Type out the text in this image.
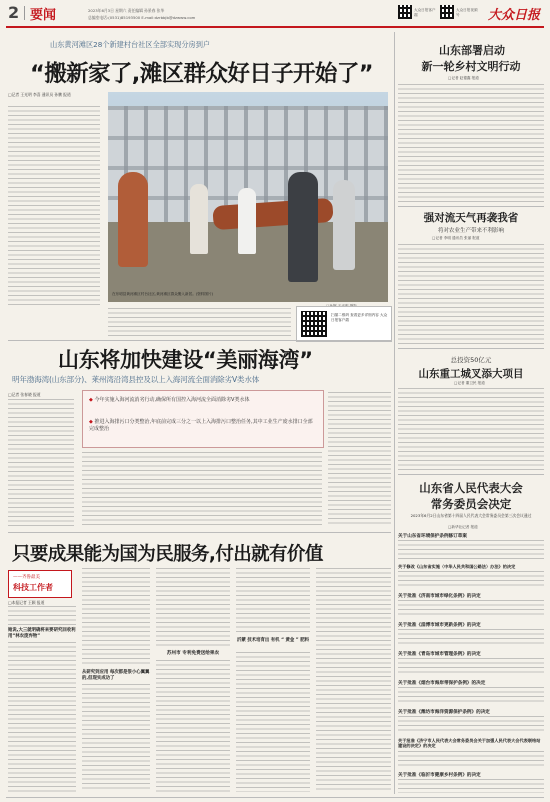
2 要闻	2023年6月3日 星期六 责任编辑 孙景春 张华
总编室电话:(0531)85193500 E-mail:dzrbbjb@dzwww.com
大众日报客户端
大众日报视频号	大众日报
山东黄河滩区28个新建村台社区全部实现分房到户
“搬新家了,滩区群众好日子开始了”
□记者 王光明 李喜 通讯员 孙鹏 报道
在东明县黄河滩区村台社区,黄河滩区群众搬入新居。(资料图片)
扫描二维码 查看更多详细内容 大众日报客户端
山东部署启动
新一轮乡村文明行动
□记者 赵德鑫 报道
强对流天气再袭我省
将对农业生产带来不利影响
□记者 李明 通讯员 张丽 报道
总投资50亿元
山东重工城叉添大项目
□记者 董卫民 报道
山东省人民代表大会
常务委员会决定
2023年6月2日山东省第十四届人民代表大会常务委员会第三次会议通过
□新华社记者 报道
关于山东省环境保护条例修订草案
关于修改《山东省实施〈中华人民共和国公路法〉办法》的决定
关于批准《济南市城市绿化条例》的决定
关于批准《淄博市城市更新条例》的决定
关于批准《青岛市城市管理条例》的决定
关于批准《烟台市海岸带保护条例》的决定
关于批准《潍坊市海洋资源保护条例》的决定
关于批准《济宁市人民代表大会常务委员会关于加强人民代表大会代表联络站建设的决定》的决定
关于批准《临沂市健康乡村条例》的决定
山东将加快建设“美丽海湾”
明年渤海湾(山东部分)、莱州湾沿湾县控及以上入海河流全面消除劣Ⅴ类水体
□记者 张春晓 报道
◆ 今年实施入海河流消劣行动,确保所有国控入海河流全面消除劣Ⅴ类水体
◆ 推进入海排污口分类整治,年底前完成三分之一以上入海排污口整治任务,其中工业生产废水排口全部完成整治
只要成果能为国为民服务,付出就有价值
——齐鲁最美
科技工作者
□本报记者 王颖 报道
她说,大三就明确将来要研究回收利用“林农废弃物”
从研究到应用 每次都是很小心翼翼的,但现实成功了
苏州市 专利免费送给果农
沂蒙 技术培育出 有机 “ 黄金 ” 肥料
